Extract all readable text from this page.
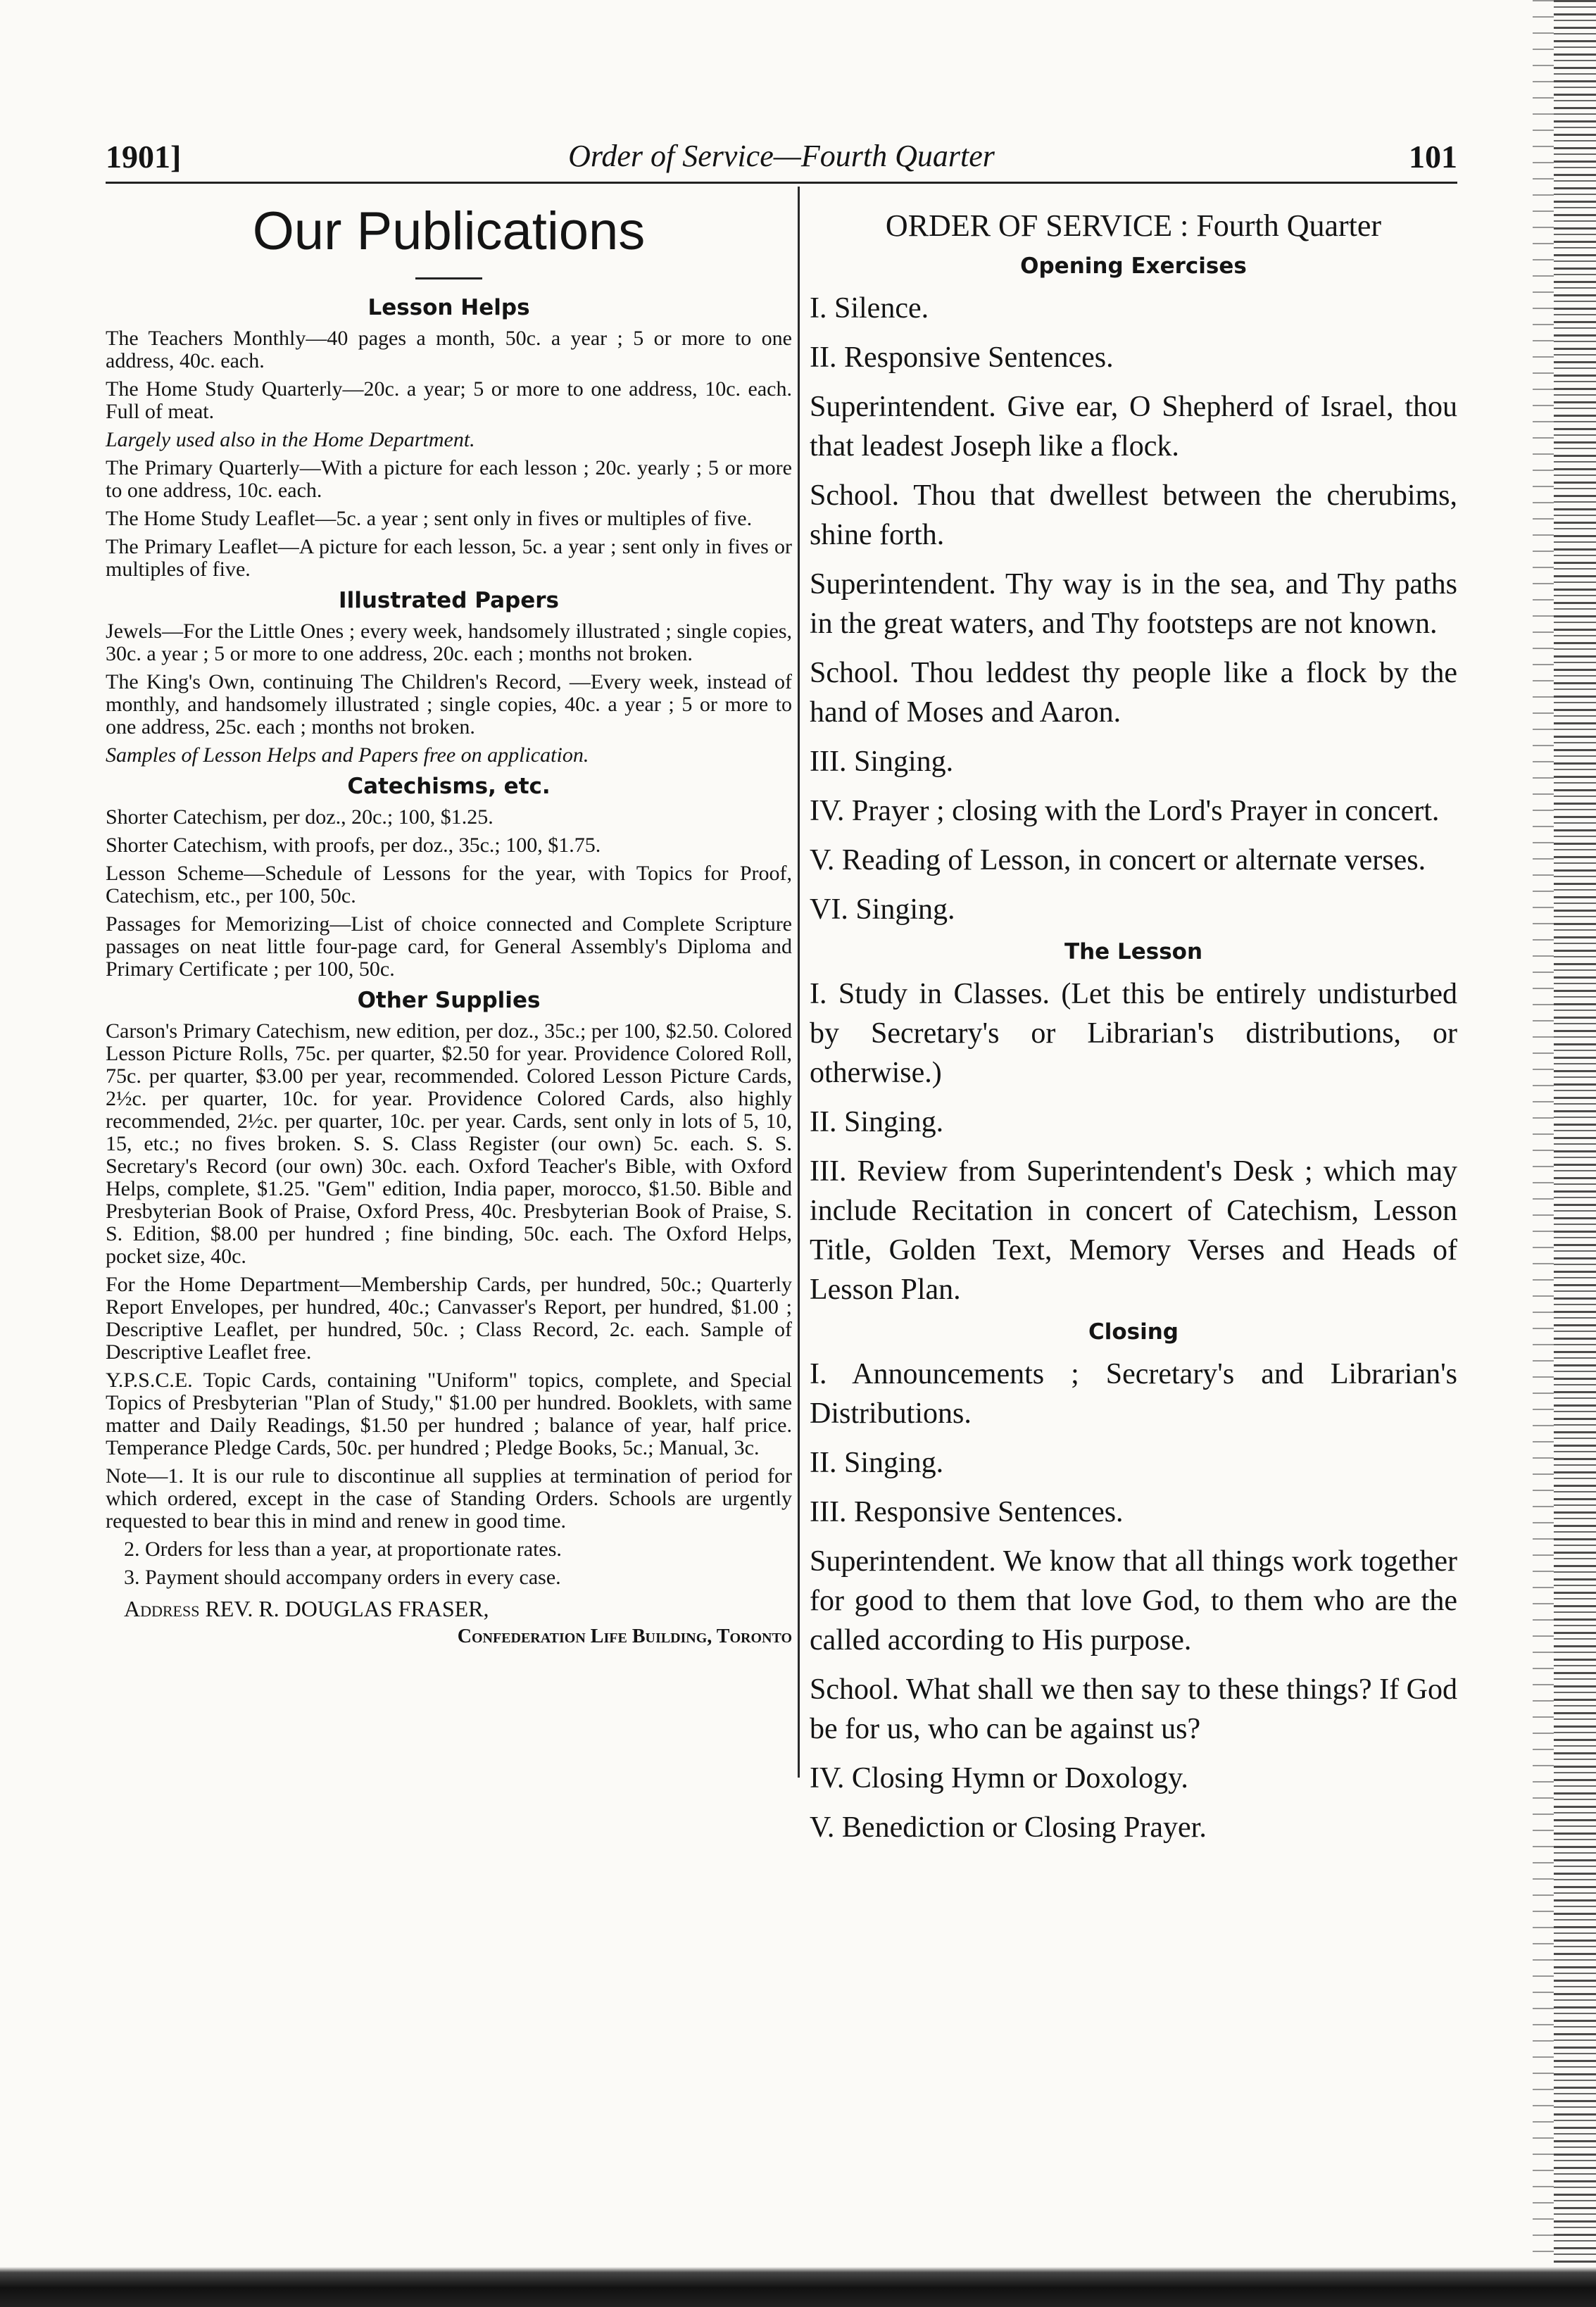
1901]	Order of Service—Fourth Quarter	101
Our Publications
Lesson Helps

The Teachers Monthly—40 pages a month, 50c. a year ; 5 or more to one address, 40c. each.

The Home Study Quarterly—20c. a year; 5 or more to one address, 10c. each. Full of meat.

Largely used also in the Home Department.

The Primary Quarterly—With a picture for each lesson ; 20c. yearly ; 5 or more to one address, 10c. each.

The Home Study Leaflet—5c. a year ; sent only in fives or multiples of five.

The Primary Leaflet—A picture for each lesson, 5c. a year ; sent only in fives or multiples of five.

Illustrated Papers

Jewels—For the Little Ones ; every week, handsomely illustrated ; single copies, 30c. a year ; 5 or more to one address, 20c. each ; months not broken.

The King's Own, continuing The Children's Record, —Every week, instead of monthly, and handsomely illustrated ; single copies, 40c. a year ; 5 or more to one address, 25c. each ; months not broken.

Samples of Lesson Helps and Papers free on application.

Catechisms, etc.

Shorter Catechism, per doz., 20c.; 100, $1.25.

Shorter Catechism, with proofs, per doz., 35c.; 100, $1.75.

Lesson Scheme—Schedule of Lessons for the year, with Topics for Proof, Catechism, etc., per 100, 50c.

Passages for Memorizing—List of choice connected and Complete Scripture passages on neat little four-page card, for General Assembly's Diploma and Primary Certificate ; per 100, 50c.

Other Supplies

Carson's Primary Catechism, new edition, per doz., 35c.; per 100, $2.50. Colored Lesson Picture Rolls, 75c. per quarter, $2.50 for year. Providence Colored Roll, 75c. per quarter, $3.00 per year, recommended. Colored Lesson Picture Cards, 2½c. per quarter, 10c. for year. Providence Colored Cards, also highly recommended, 2½c. per quarter, 10c. per year. Cards, sent only in lots of 5, 10, 15, etc.; no fives broken. S. S. Class Register (our own) 5c. each. S. S. Secretary's Record (our own) 30c. each. Oxford Teacher's Bible, with Oxford Helps, complete, $1.25. "Gem" edition, India paper, morocco, $1.50. Bible and Presbyterian Book of Praise, Oxford Press, 40c. Presbyterian Book of Praise, S. S. Edition, $8.00 per hundred ; fine binding, 50c. each. The Oxford Helps, pocket size, 40c.

For the Home Department—Membership Cards, per hundred, 50c.; Quarterly Report Envelopes, per hundred, 40c.; Canvasser's Report, per hundred, $1.00 ; Descriptive Leaflet, per hundred, 50c. ; Class Record, 2c. each. Sample of Descriptive Leaflet free.

Y.P.S.C.E. Topic Cards, containing "Uniform" topics, complete, and Special Topics of Presbyterian "Plan of Study," $1.00 per hundred. Booklets, with same matter and Daily Readings, $1.50 per hundred ; balance of year, half price. Temperance Pledge Cards, 50c. per hundred ; Pledge Books, 5c.; Manual, 3c.

Note—1. It is our rule to discontinue all supplies at termination of period for which ordered, except in the case of Standing Orders. Schools are urgently requested to bear this in mind and renew in good time.

2. Orders for less than a year, at proportionate rates.

3. Payment should accompany orders in every case.

Address REV. R. DOUGLAS FRASER,
Confederation Life Building, Toronto
ORDER OF SERVICE : Fourth Quarter
Opening Exercises

I. Silence.

II. Responsive Sentences.

Superintendent. Give ear, O Shepherd of Israel, thou that leadest Joseph like a flock.

School. Thou that dwellest between the cherubims, shine forth.

Superintendent. Thy way is in the sea, and Thy paths in the great waters, and Thy footsteps are not known.

School. Thou leddest thy people like a flock by the hand of Moses and Aaron.

III. Singing.

IV. Prayer ; closing with the Lord's Prayer in concert.

V. Reading of Lesson, in concert or alternate verses.

VI. Singing.

The Lesson

I. Study in Classes. (Let this be entirely undisturbed by Secretary's or Librarian's distributions, or otherwise.)

II. Singing.

III. Review from Superintendent's Desk ; which may include Recitation in concert of Catechism, Lesson Title, Golden Text, Memory Verses and Heads of Lesson Plan.

Closing

I. Announcements ; Secretary's and Librarian's Distributions.

II. Singing.

III. Responsive Sentences.

Superintendent. We know that all things work together for good to them that love God, to them who are the called according to His purpose.

School. What shall we then say to these things? If God be for us, who can be against us?

IV. Closing Hymn or Doxology.

V. Benediction or Closing Prayer.
